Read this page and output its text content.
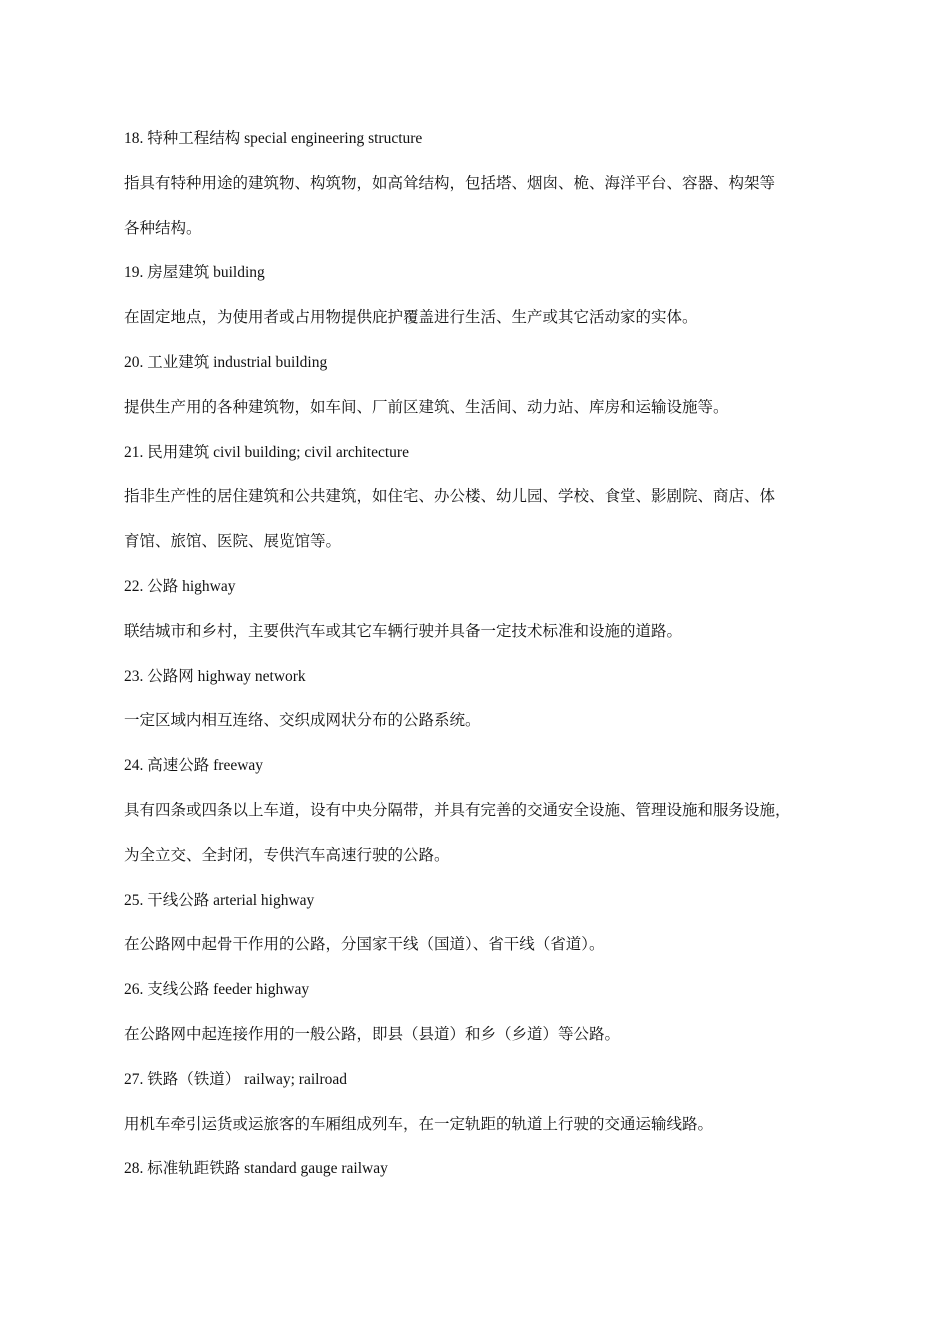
18. 特种工程结构 special engineering structure
指具有特种用途的建筑物、构筑物，如高耸结构，包括塔、烟囱、桅、海洋平台、容器、构架等
各种结构。
19. 房屋建筑 building
在固定地点，为使用者或占用物提供庇护覆盖进行生活、生产或其它活动家的实体。
20. 工业建筑 industrial building
提供生产用的各种建筑物，如车间、厂前区建筑、生活间、动力站、库房和运输设施等。
21. 民用建筑 civil building; civil architecture
指非生产性的居住建筑和公共建筑，如住宅、办公楼、幼儿园、学校、食堂、影剧院、商店、体
育馆、旅馆、医院、展览馆等。
22. 公路 highway
联结城市和乡村，主要供汽车或其它车辆行驶并具备一定技术标准和设施的道路。
23. 公路网 highway network
一定区域内相互连络、交织成网状分布的公路系统。
24. 高速公路 freeway
具有四条或四条以上车道，设有中央分隔带，并具有完善的交通安全设施、管理设施和服务设施，
为全立交、全封闭，专供汽车高速行驶的公路。
25. 干线公路 arterial highway
在公路网中起骨干作用的公路，分国家干线（国道）、省干线（省道）。
26. 支线公路 feeder highway
在公路网中起连接作用的一般公路，即县（县道）和乡（乡道）等公路。
27. 铁路（铁道） railway; railroad
用机车牵引运货或运旅客的车厢组成列车，在一定轨距的轨道上行驶的交通运输线路。
28. 标准轨距铁路 standard gauge railway
